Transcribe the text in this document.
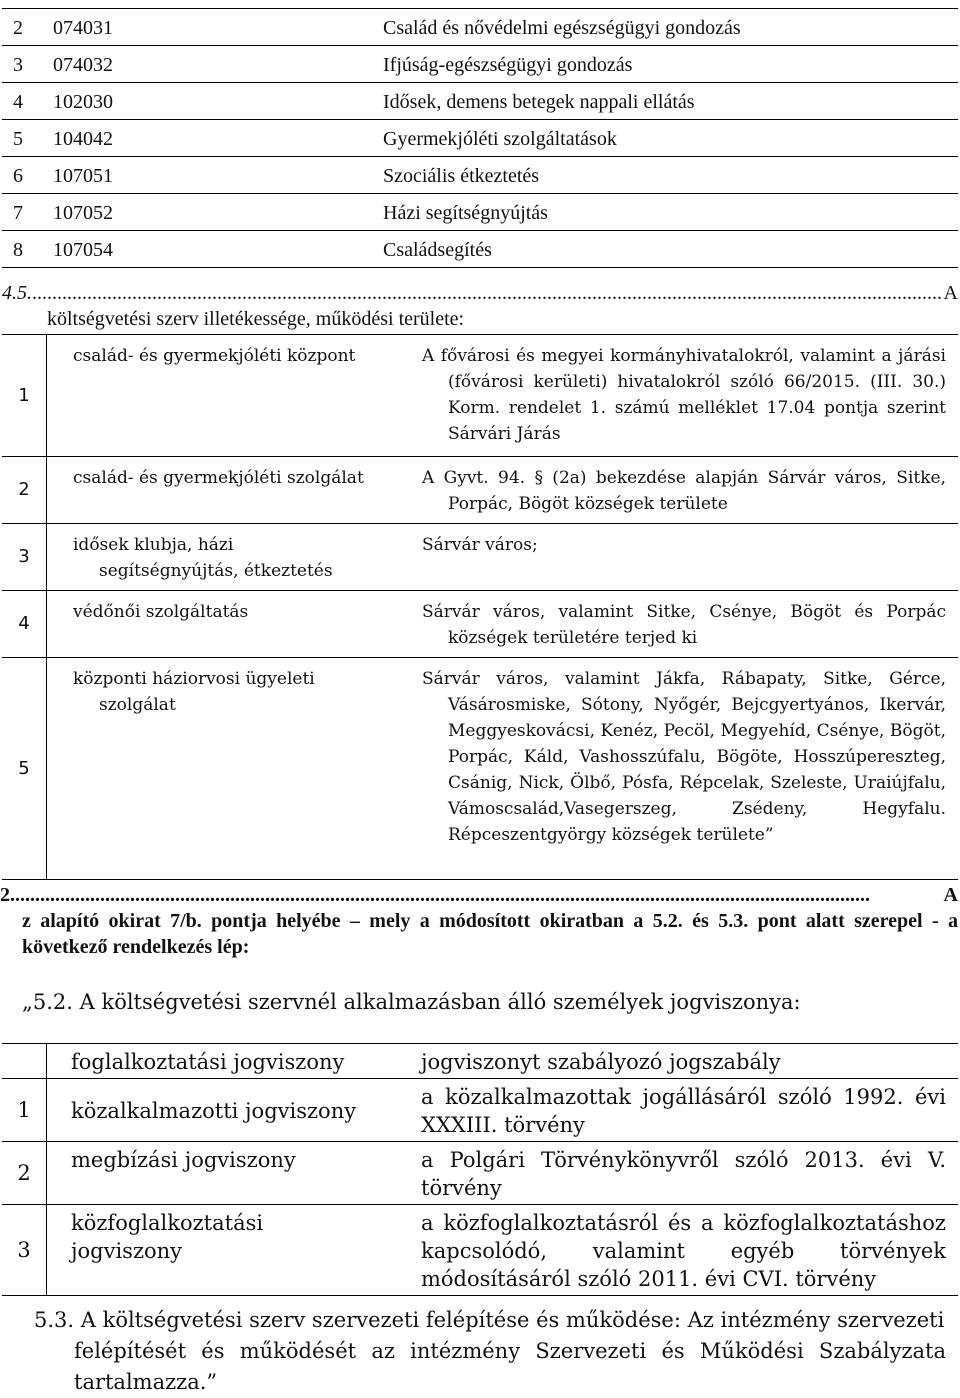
2	074031	Család és nővédelmi egészségügyi gondozás
3	074032	Ifjúság-egészségügyi gondozás
4	102030	Idősek, demens betegek nappali ellátás
5	104042	Gyermekjóléti szolgáltatások
6	107051	Szociális étkeztetés
7	107052	Házi segítségnyújtás
8	107054	Családsegítés
4.5....................................................................................................................................................................................... A
költségvetési szerv illetékessége, működési területe:
1	család- és gyermekjóléti központ	A fővárosi és megyei kormányhivatalokról, valamint a járási (fővárosi kerületi) hivatalokról szóló 66/2015. (III. 30.) Korm. rendelet 1. számú melléklet 17.04 pontja szerint Sárvári Járás

2	család- és gyermekjóléti szolgálat	A Gyvt. 94. § (2a) bekezdése alapján Sárvár város, Sitke, Porpác, Bögöt községek területe

3	idősek klubja, házi segítségnyújtás, étkeztetés	Sárvár város;

4	védőnői szolgáltatás	Sárvár város, valamint Sitke, Csénye, Bögöt és Porpác községek területére terjed ki

5	központi háziorvosi ügyeleti szolgálat	Sárvár város, valamint Jákfa, Rábapaty, Sitke, Gérce, Vásárosmiske, Sótony, Nyőgér, Bejcgyertyános, Ikervár, Meggyeskovácsi, Kenéz, Pecöl, Megyehíd, Csénye, Bögöt, Porpác, Káld, Vashosszúfalu, Bögöte, Hosszúpereszteg, Csánig, Nick, Ölbő, Pósfa, Répcelak, Szeleste, Uraiújfalu, Vámoscsalád,Vasegerszeg, Zsédeny, Hegyfalu. Répceszentgyörgy községek területe”
2............................................................................................................................................................................	A
z alapító okirat 7/b. pontja helyébe – mely a módosított okiratban a 5.2. és 5.3. pont alatt szerepel - a következő rendelkezés lép:
„5.2. A költségvetési szervnél alkalmazásban álló személyek jogviszonya:
	foglalkoztatási jogviszony	jogviszonyt szabályozó jogszabály
1	közalkalmazotti jogviszony	a közalkalmazottak jogállásáról szóló 1992. évi XXXIII. törvény
2	megbízási jogviszony	a Polgári Törvénykönyvről szóló 2013. évi V. törvény
3	közfoglalkoztatási jogviszony	a közfoglalkoztatásról és a közfoglalkoztatáshoz kapcsolódó, valamint egyéb törvények módosításáról szóló 2011. évi CVI. törvény
5.3. A költségvetési szerv szervezeti felépítése és működése: Az intézmény szervezeti
felépítését és működését az intézmény Szervezeti és Működési Szabályzata tartalmazza.”
